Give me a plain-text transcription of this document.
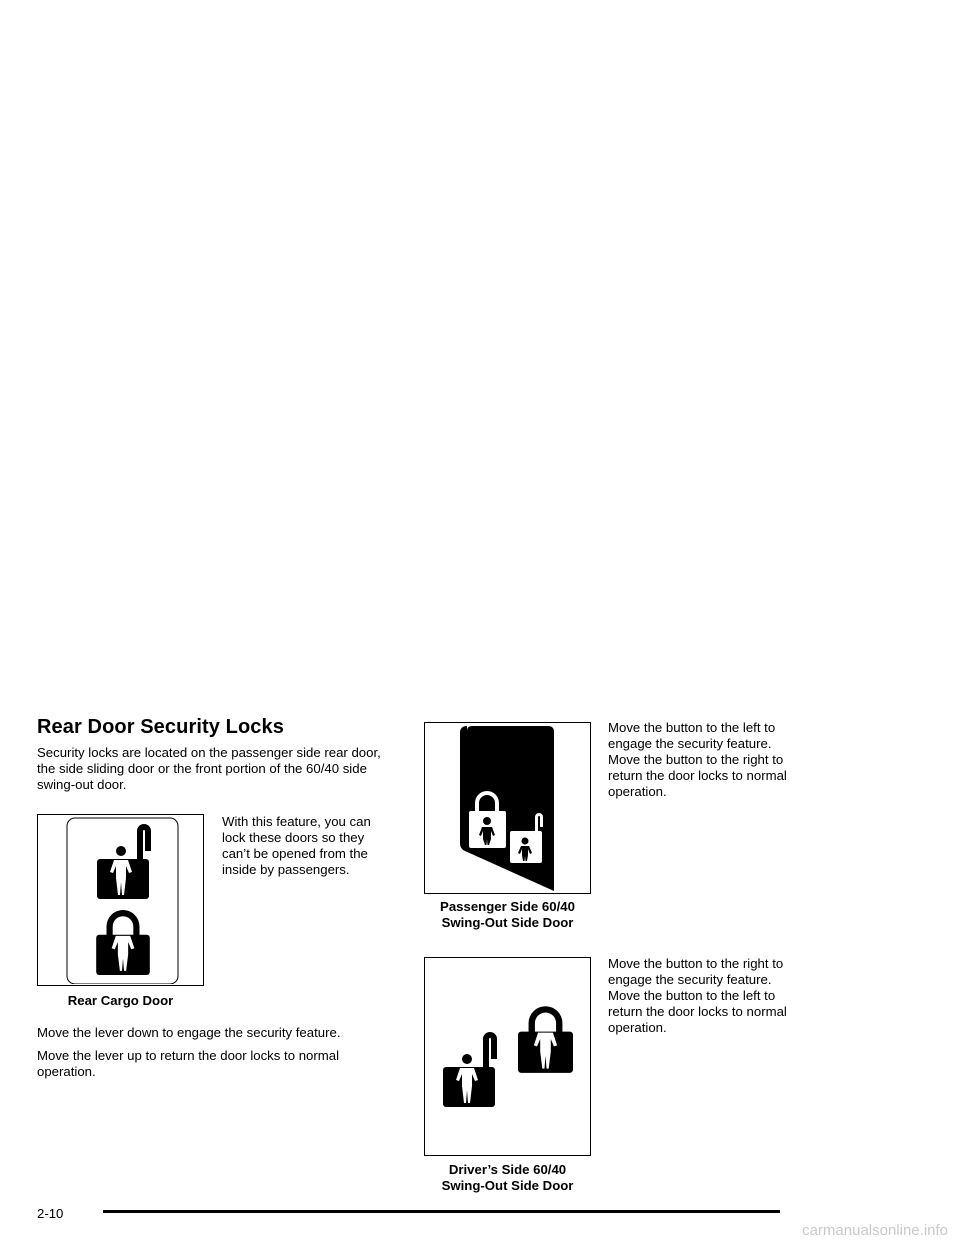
Rear Door Security Locks

Security locks are located on the passenger side rear door, the side sliding door or the front portion of the 60/40 side swing-out door.

Rear Cargo Door

With this feature, you can lock these doors so they can’t be opened from the inside by passengers.

Move the lever down to engage the security feature.

Move the lever up to return the door locks to normal operation.

Passenger Side 60/40
Swing-Out Side Door

Move the button to the left to engage the security feature. Move the button to the right to return the door locks to normal operation.

Driver’s Side 60/40
Swing-Out Side Door

Move the button to the right to engage the security feature. Move the button to the left to return the door locks to normal operation.

2-10
carmanualsonline.info
